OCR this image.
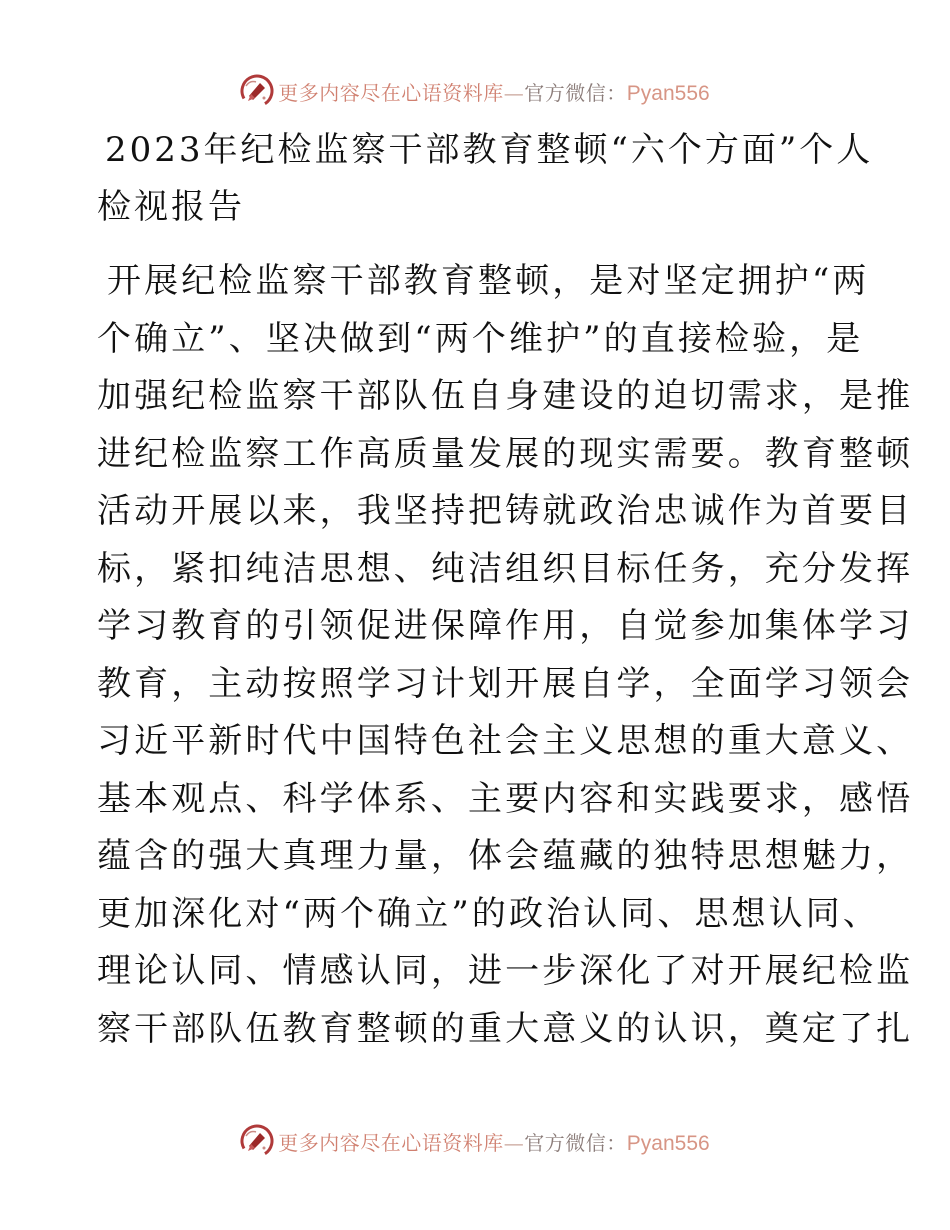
更多内容尽在心语资料库—官方微信：Pyan556
2023年纪检监察干部教育整顿“六个方面”个人
检视报告

开展纪检监察干部教育整顿，是对坚定拥护“两
个确立”、坚决做到“两个维护”的直接检验，是
加强纪检监察干部队伍自身建设的迫切需求，是推
进纪检监察工作高质量发展的现实需要。教育整顿
活动开展以来，我坚持把铸就政治忠诚作为首要目
标，紧扣纯洁思想、纯洁组织目标任务，充分发挥
学习教育的引领促进保障作用，自觉参加集体学习
教育，主动按照学习计划开展自学，全面学习领会
习近平新时代中国特色社会主义思想的重大意义、
基本观点、科学体系、主要内容和实践要求，感悟
蕴含的强大真理力量，体会蕴藏的独特思想魅力，
更加深化对“两个确立”的政治认同、思想认同、
理论认同、情感认同，进一步深化了对开展纪检监
察干部队伍教育整顿的重大意义的认识，奠定了扎

更多内容尽在心语资料库—官方微信：Pyan556
